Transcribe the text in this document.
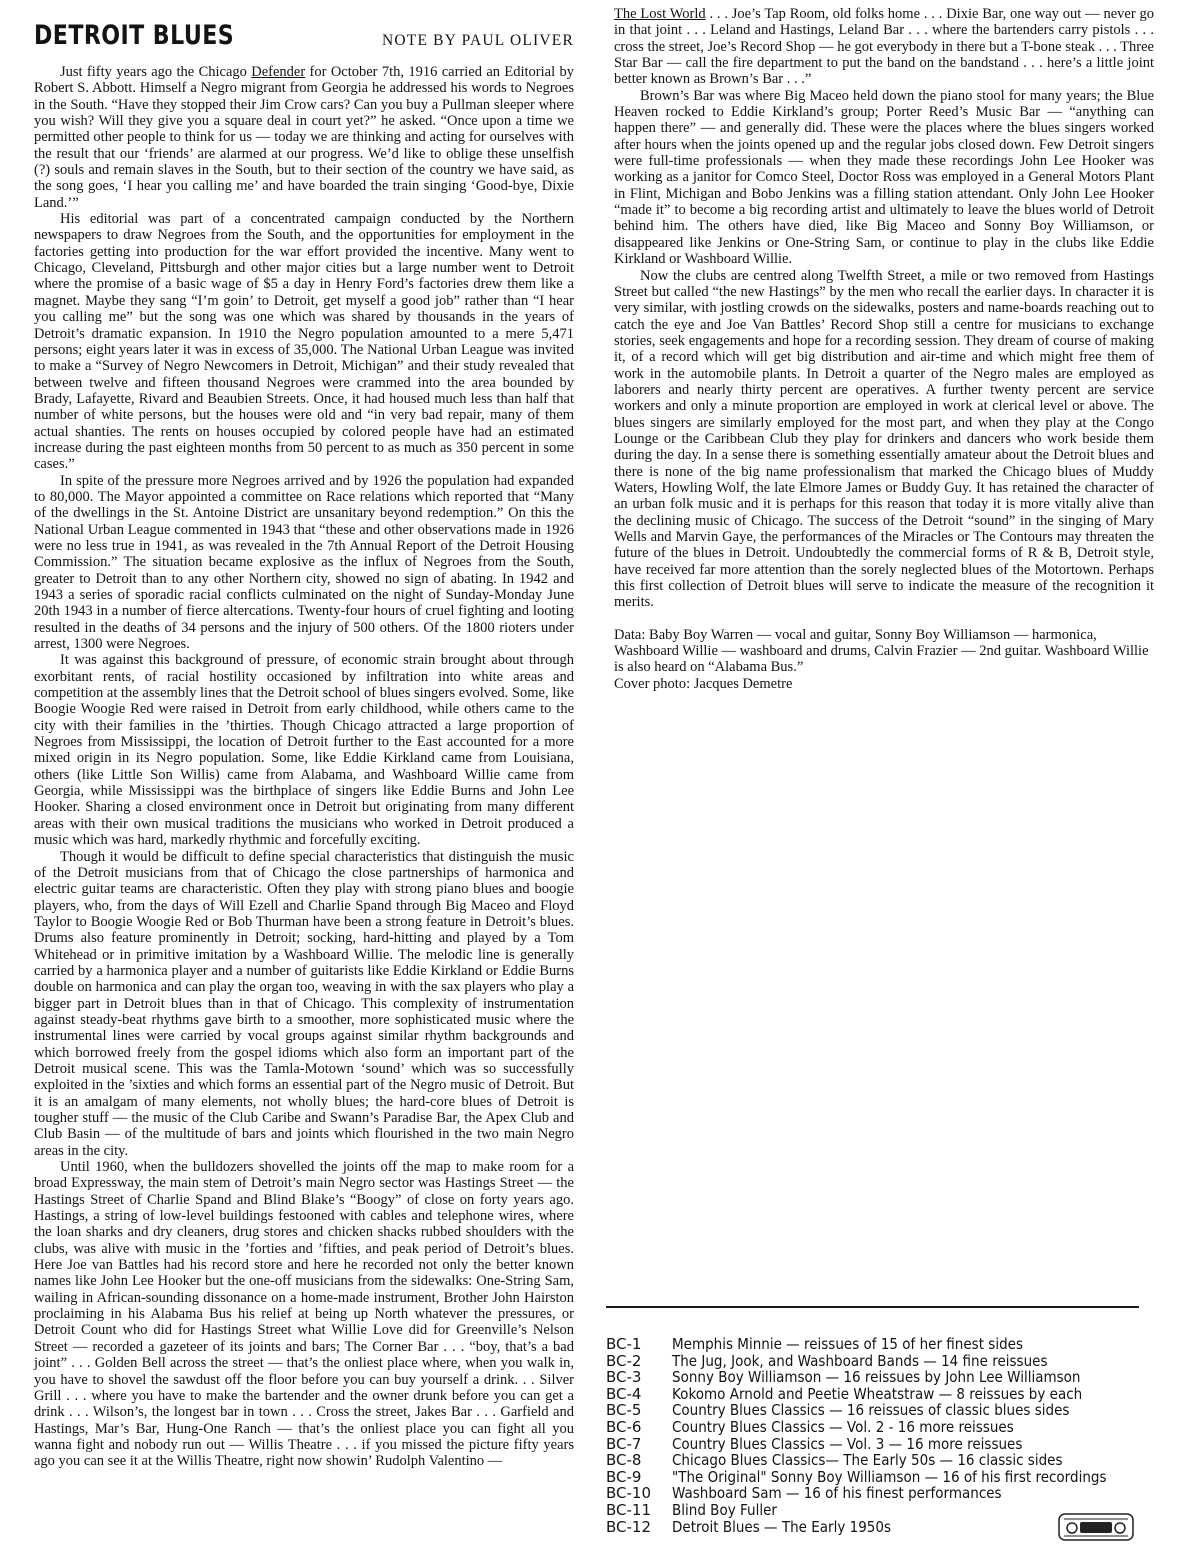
DETROIT BLUES	NOTE BY PAUL OLIVER

Just fifty years ago the Chicago Defender for October 7th, 1916 carried an Editorial by Robert S. Abbott. Himself a Negro migrant from Georgia he addressed his words to Negroes in the South. “Have they stopped their Jim Crow cars? Can you buy a Pullman sleeper where you wish? Will they give you a square deal in court yet?” he asked. “Once upon a time we permitted other people to think for us — today we are thinking and acting for ourselves with the result that our ‘friends’ are alarmed at our progress. We’d like to oblige these unselfish (?) souls and remain slaves in the South, but to their section of the country we have said, as the song goes, ‘I hear you calling me’ and have boarded the train singing ‘Good-bye, Dixie Land.’”

His editorial was part of a concentrated campaign conducted by the Northern newspapers to draw Negroes from the South, and the opportunities for employment in the factories getting into production for the war effort provided the incentive. Many went to Chicago, Cleveland, Pittsburgh and other major cities but a large number went to Detroit where the promise of a basic wage of $5 a day in Henry Ford’s factories drew them like a magnet. Maybe they sang “I’m goin’ to Detroit, get myself a good job” rather than “I hear you calling me” but the song was one which was shared by thousands in the years of Detroit’s dramatic expansion. In 1910 the Negro population amounted to a mere 5,471 persons; eight years later it was in excess of 35,000. The National Urban League was invited to make a “Survey of Negro Newcomers in Detroit, Michigan” and their study revealed that between twelve and fifteen thousand Negroes were crammed into the area bounded by Brady, Lafayette, Rivard and Beaubien Streets. Once, it had housed much less than half that number of white persons, but the houses were old and “in very bad repair, many of them actual shanties. The rents on houses occupied by colored people have had an estimated increase during the past eighteen months from 50 percent to as much as 350 percent in some cases.”

In spite of the pressure more Negroes arrived and by 1926 the population had expanded to 80,000. The Mayor appointed a committee on Race relations which reported that “Many of the dwellings in the St. Antoine District are unsanitary beyond redemption.” On this the National Urban League commented in 1943 that “these and other observations made in 1926 were no less true in 1941, as was revealed in the 7th Annual Report of the Detroit Housing Commission.” The situation became explosive as the influx of Negroes from the South, greater to Detroit than to any other Northern city, showed no sign of abating. In 1942 and 1943 a series of sporadic racial conflicts culminated on the night of Sunday-Monday June 20th 1943 in a number of fierce altercations. Twenty-four hours of cruel fighting and looting resulted in the deaths of 34 persons and the injury of 500 others. Of the 1800 rioters under arrest, 1300 were Negroes.

It was against this background of pressure, of economic strain brought about through exorbitant rents, of racial hostility occasioned by infiltration into white areas and competition at the assembly lines that the Detroit school of blues singers evolved. Some, like Boogie Woogie Red were raised in Detroit from early childhood, while others came to the city with their families in the ’thirties. Though Chicago attracted a large proportion of Negroes from Mississippi, the location of Detroit further to the East accounted for a more mixed origin in its Negro population. Some, like Eddie Kirkland came from Louisiana, others (like Little Son Willis) came from Alabama, and Washboard Willie came from Georgia, while Mississippi was the birthplace of singers like Eddie Burns and John Lee Hooker. Sharing a closed environment once in Detroit but originating from many different areas with their own musical traditions the musicians who worked in Detroit produced a music which was hard, markedly rhythmic and forcefully exciting.

Though it would be difficult to define special characteristics that distinguish the music of the Detroit musicians from that of Chicago the close partnerships of harmonica and electric guitar teams are characteristic. Often they play with strong piano blues and boogie players, who, from the days of Will Ezell and Charlie Spand through Big Maceo and Floyd Taylor to Boogie Woogie Red or Bob Thurman have been a strong feature in Detroit’s blues. Drums also feature prominently in Detroit; socking, hard-hitting and played by a Tom Whitehead or in primitive imitation by a Washboard Willie. The melodic line is generally carried by a harmonica player and a number of guitarists like Eddie Kirkland or Eddie Burns double on harmonica and can play the organ too, weaving in with the sax players who play a bigger part in Detroit blues than in that of Chicago. This complexity of instrumentation against steady-beat rhythms gave birth to a smoother, more sophisticated music where the instrumental lines were carried by vocal groups against similar rhythm backgrounds and which borrowed freely from the gospel idioms which also form an important part of the Detroit musical scene. This was the Tamla-Motown ‘sound’ which was so successfully exploited in the ’sixties and which forms an essential part of the Negro music of Detroit. But it is an amalgam of many elements, not wholly blues; the hard-core blues of Detroit is tougher stuff — the music of the Club Caribe and Swann’s Paradise Bar, the Apex Club and Club Basin — of the multitude of bars and joints which flourished in the two main Negro areas in the city.

Until 1960, when the bulldozers shovelled the joints off the map to make room for a broad Expressway, the main stem of Detroit’s main Negro sector was Hastings Street — the Hastings Street of Charlie Spand and Blind Blake’s “Boogy” of close on forty years ago. Hastings, a string of low-level buildings festooned with cables and telephone wires, where the loan sharks and dry cleaners, drug stores and chicken shacks rubbed shoulders with the clubs, was alive with music in the ’forties and ’fifties, and peak period of Detroit’s blues. Here Joe van Battles had his record store and here he recorded not only the better known names like John Lee Hooker but the one-off musicians from the sidewalks: One-String Sam, wailing in African-sounding dissonance on a home-made instrument, Brother John Hairston proclaiming in his Alabama Bus his relief at being up North whatever the pressures, or Detroit Count who did for Hastings Street what Willie Love did for Greenville’s Nelson Street — recorded a gazeteer of its joints and bars; The Corner Bar . . . “boy, that’s a bad joint” . . . Golden Bell across the street — that’s the onliest place where, when you walk in, you have to shovel the sawdust off the floor before you can buy yourself a drink. . . Silver Grill . . . where you have to make the bartender and the owner drunk before you can get a drink . . . Wilson’s, the longest bar in town . . . Cross the street, Jakes Bar . . . Garfield and Hastings, Mar’s Bar, Hung-One Ranch — that’s the onliest place you can fight all you wanna fight and nobody run out — Willis Theatre . . . if you missed the picture fifty years ago you can see it at the Willis Theatre, right now showin’ Rudolph Valentino —

The Lost World . . . Joe’s Tap Room, old folks home . . . Dixie Bar, one way out — never go in that joint . . . Leland and Hastings, Leland Bar . . . where the bartenders carry pistols . . . cross the street, Joe’s Record Shop — he got everybody in there but a T-bone steak . . . Three Star Bar — call the fire department to put the band on the bandstand . . . here’s a little joint better known as Brown’s Bar . . .”

Brown’s Bar was where Big Maceo held down the piano stool for many years; the Blue Heaven rocked to Eddie Kirkland’s group; Porter Reed’s Music Bar — “anything can happen there” — and generally did. These were the places where the blues singers worked after hours when the joints opened up and the regular jobs closed down. Few Detroit singers were full-time professionals — when they made these recordings John Lee Hooker was working as a janitor for Comco Steel, Doctor Ross was employed in a General Motors Plant in Flint, Michigan and Bobo Jenkins was a filling station attendant. Only John Lee Hooker “made it” to become a big recording artist and ultimately to leave the blues world of Detroit behind him. The others have died, like Big Maceo and Sonny Boy Williamson, or disappeared like Jenkins or One-String Sam, or continue to play in the clubs like Eddie Kirkland or Washboard Willie.

Now the clubs are centred along Twelfth Street, a mile or two removed from Hastings Street but called “the new Hastings” by the men who recall the earlier days. In character it is very similar, with jostling crowds on the sidewalks, posters and name-boards reaching out to catch the eye and Joe Van Battles’ Record Shop still a centre for musicians to exchange stories, seek engagements and hope for a recording session. They dream of course of making it, of a record which will get big distribution and air-time and which might free them of work in the automobile plants. In Detroit a quarter of the Negro males are employed as laborers and nearly thirty percent are operatives. A further twenty percent are service workers and only a minute proportion are employed in work at clerical level or above. The blues singers are similarly employed for the most part, and when they play at the Congo Lounge or the Caribbean Club they play for drinkers and dancers who work beside them during the day. In a sense there is something essentially amateur about the Detroit blues and there is none of the big name professionalism that marked the Chicago blues of Muddy Waters, Howling Wolf, the late Elmore James or Buddy Guy. It has retained the character of an urban folk music and it is perhaps for this reason that today it is more vitally alive than the declining music of Chicago. The success of the Detroit “sound” in the singing of Mary Wells and Marvin Gaye, the performances of the Miracles or The Contours may threaten the future of the blues in Detroit. Undoubtedly the commercial forms of R & B, Detroit style, have received far more attention than the sorely neglected blues of the Motortown. Perhaps this first collection of Detroit blues will serve to indicate the measure of the recognition it merits.

Data: Baby Boy Warren — vocal and guitar, Sonny Boy Williamson — harmonica, Washboard Willie — washboard and drums, Calvin Frazier — 2nd guitar. Washboard Willie is also heard on “Alabama Bus.”

Cover photo: Jacques Demetre

BC-1 Memphis Minnie — reissues of 15 of her finest sides
BC-2 The Jug, Jook, and Washboard Bands — 14 fine reissues
BC-3 Sonny Boy Williamson — 16 reissues by John Lee Williamson
BC-4 Kokomo Arnold and Peetie Wheatstraw — 8 reissues by each
BC-5 Country Blues Classics — 16 reissues of classic blues sides
BC-6 Country Blues Classics — Vol. 2 - 16 more reissues
BC-7 Country Blues Classics — Vol. 3 — 16 more reissues
BC-8 Chicago Blues Classics— The Early 50s — 16 classic sides
BC-9 "The Original" Sonny Boy Williamson — 16 of his first recordings
BC-10 Washboard Sam — 16 of his finest performances
BC-11 Blind Boy Fuller
BC-12 Detroit Blues — The Early 1950s
